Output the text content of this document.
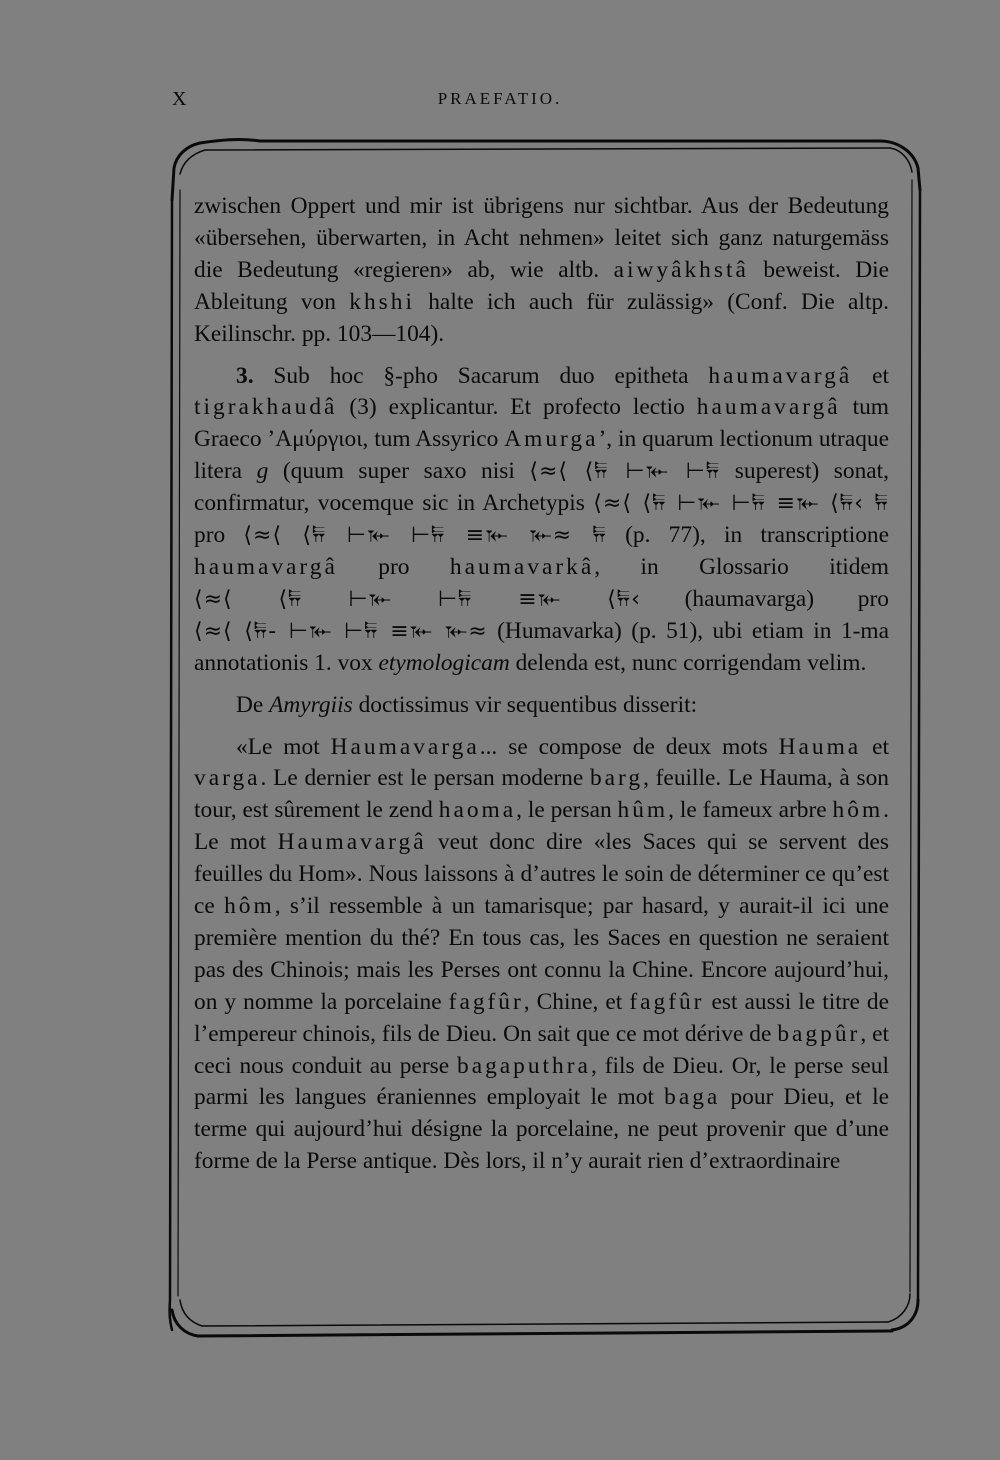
X	PRAEFATIO.

zwischen Oppert und mir ist übrigens nur sichtbar. Aus der Bedeutung «übersehen, überwarten, in Acht nehmen» leitet sich ganz naturgemäss die Bedeutung «regieren» ab, wie altb. aiwyâkhstâ beweist. Die Ableitung von khshi halte ich auch für zulässig» (Conf. Die altp. Keilinschr. pp. 103—104).

3. Sub hoc §-pho Sacarum duo epitheta haumavargâ et tigrakhaudâ (3) explicantur. Et profecto lectio haumavargâ tum Graeco ’Αμύργιοι, tum Assyrico Amurga’, in quarum lectionum utraque litera g (quum super saxo nisi ⟨≈⟨ ⟨𐏂 ⊢𐎹 ⊢𐏂 superest) sonat, confirmatur, vocemque sic in Archetypis ⟨≈⟨ ⟨𐏂 ⊢𐎹 ⊢𐏂 ≡𐎹 ⟨𐏂‹ 𐏂 pro ⟨≈⟨ ⟨𐏂 ⊢𐎹 ⊢𐏂 ≡𐎹 𐎹≈ 𐏂 (p. 77), in transcriptione haumavargâ pro haumavarkâ, in Glossario itidem ⟨≈⟨ ⟨𐏂 ⊢𐎹 ⊢𐏂 ≡𐎹 ⟨𐏂‹ (haumavarga) pro ⟨≈⟨ ⟨𐏂- ⊢𐎹 ⊢𐏂 ≡𐎹 𐎹≈ (Humavarka) (p. 51), ubi etiam in 1-ma annotationis 1. vox etymologicam delenda est, nunc corrigendam velim.

De Amyrgiis doctissimus vir sequentibus disserit:

«Le mot Haumavarga... se compose de deux mots Hauma et varga. Le dernier est le persan moderne barg, feuille. Le Hauma, à son tour, est sûrement le zend haoma, le persan hûm, le fameux arbre hôm. Le mot Haumavargâ veut donc dire «les Saces qui se servent des feuilles du Hom». Nous laissons à d’autres le soin de déterminer ce qu’est ce hôm, s’il ressemble à un tamarisque; par hasard, y aurait-il ici une première mention du thé? En tous cas, les Saces en question ne seraient pas des Chinois; mais les Perses ont connu la Chine. Encore aujourd’hui, on y nomme la porcelaine fagfûr, Chine, et fagfûr est aussi le titre de l’empereur chinois, fils de Dieu. On sait que ce mot dérive de bagpûr, et ceci nous conduit au perse bagaputhra, fils de Dieu. Or, le perse seul parmi les langues éraniennes employait le mot baga pour Dieu, et le terme qui aujourd’hui désigne la porcelaine, ne peut provenir que d’une forme de la Perse antique. Dès lors, il n’y aurait rien d’extraordinaire
